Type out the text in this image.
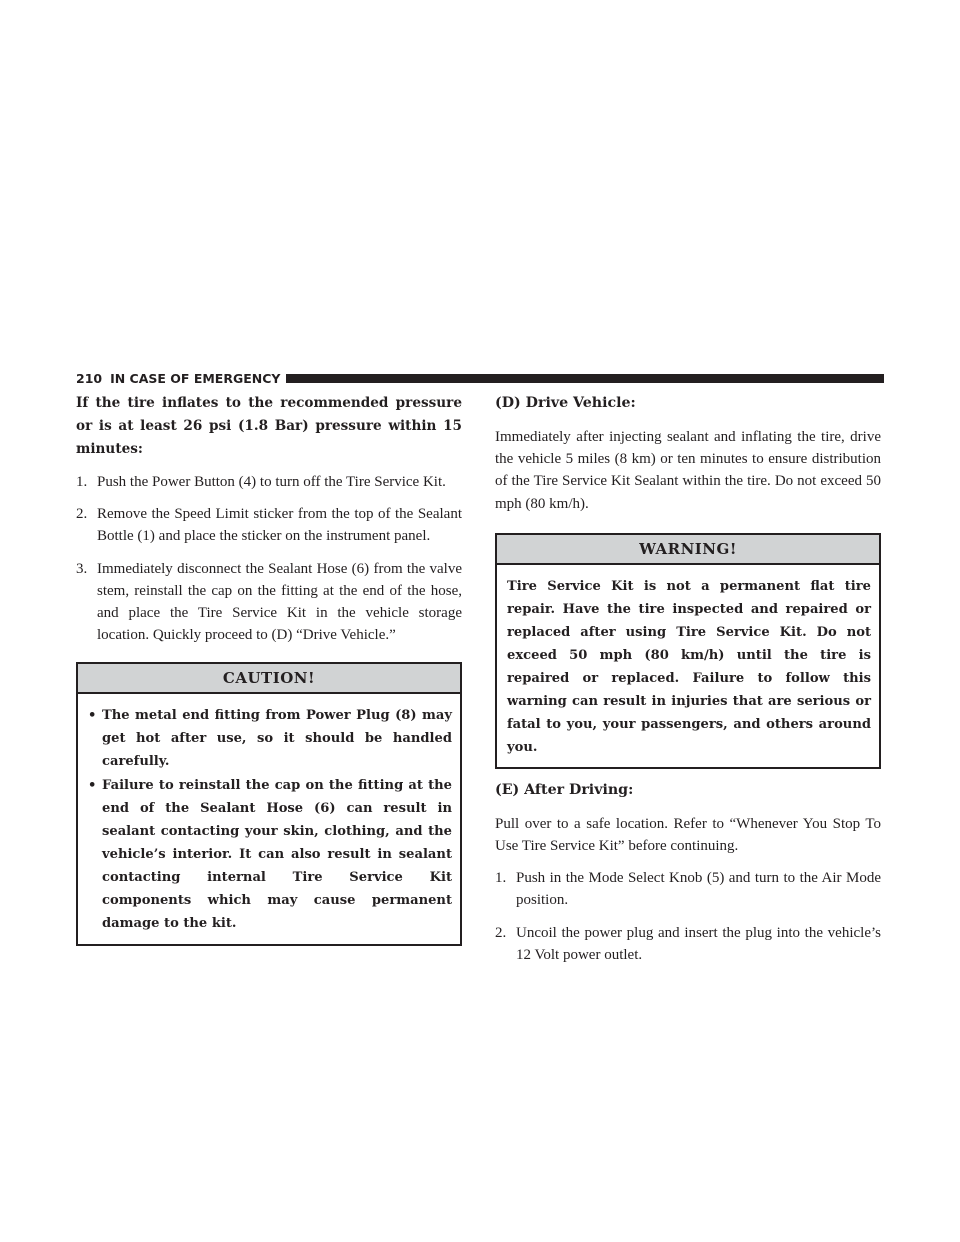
210 IN CASE OF EMERGENCY

If the tire inflates to the recommended pressure or is at least 26 psi (1.8 Bar) pressure within 15 minutes:

1. Push the Power Button (4) to turn off the Tire Service Kit.
2. Remove the Speed Limit sticker from the top of the Sealant Bottle (1) and place the sticker on the instrument panel.
3. Immediately disconnect the Sealant Hose (6) from the valve stem, reinstall the cap on the fitting at the end of the hose, and place the Tire Service Kit in the vehicle storage location. Quickly proceed to (D) “Drive Vehicle.”
CAUTION!
• The metal end fitting from Power Plug (8) may get hot after use, so it should be handled carefully.
• Failure to reinstall the cap on the fitting at the end of the Sealant Hose (6) can result in sealant contacting your skin, clothing, and the vehicle’s interior. It can also result in sealant contacting internal Tire Service Kit components which may cause permanent damage to the kit.
(D) Drive Vehicle:

Immediately after injecting sealant and inflating the tire, drive the vehicle 5 miles (8 km) or ten minutes to ensure distribution of the Tire Service Kit Sealant within the tire. Do not exceed 50 mph (80 km/h).

WARNING!

Tire Service Kit is not a permanent flat tire repair. Have the tire inspected and repaired or replaced after using Tire Service Kit. Do not exceed 50 mph (80 km/h) until the tire is repaired or replaced. Failure to follow this warning can result in injuries that are serious or fatal to you, your passengers, and others around you.

(E) After Driving:

Pull over to a safe location. Refer to “Whenever You Stop To Use Tire Service Kit” before continuing.

1. Push in the Mode Select Knob (5) and turn to the Air Mode position.
2. Uncoil the power plug and insert the plug into the vehicle’s 12 Volt power outlet.
